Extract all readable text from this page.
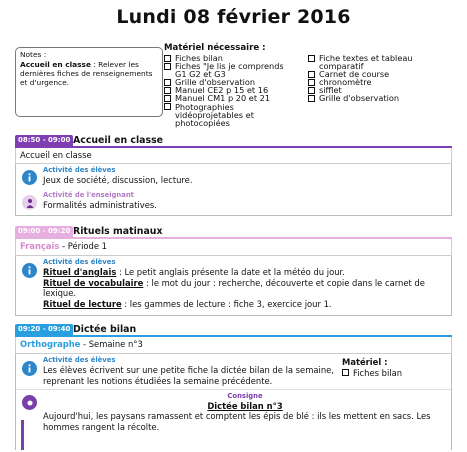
Lundi 08 février 2016
Notes :
Accueil en classe : Relever les dernières fiches de renseignements et d'urgence.
Matériel nécessaire :
Fiches bilan
Fiches "Je lis je comprends
G1 G2 et G3
Grille d'observation
Manuel CE2 p 15 et 16
Manuel CM1 p 20 et 21
Photographies
vidéoprojetables et
photocopiées
Fiche textes et tableau
comparatif
Carnet de course
chronomètre
sifflet
Grille d'observation
08:50 - 09:00 Accueil en classe
Accueil en classe
Activité des élèves
Jeux de société, discussion, lecture.
Activité de l'enseignant
Formalités administratives.
09:00 - 09:20 Rituels matinaux
Français - Période 1
Activité des élèves
Rituel d'anglais : Le petit anglais présente la date et la météo du jour.
Rituel de vocabulaire : le mot du jour : recherche, découverte et copie dans le carnet de lexique.
Rituel de lecture : les gammes de lecture : fiche 3, exercice jour 1.
09:20 - 09:40 Dictée bilan
Orthographe - Semaine n°3
Activité des élèves
Les élèves écrivent sur une petite fiche la dictée bilan de la semaine, reprenant les notions étudiées la semaine précédente.
Matériel :
Fiches bilan
Consigne
Dictée bilan n°3
Aujourd'hui, les paysans ramassent et comptent les épis de blé : ils les mettent en sacs. Les hommes rangent la récolte.
